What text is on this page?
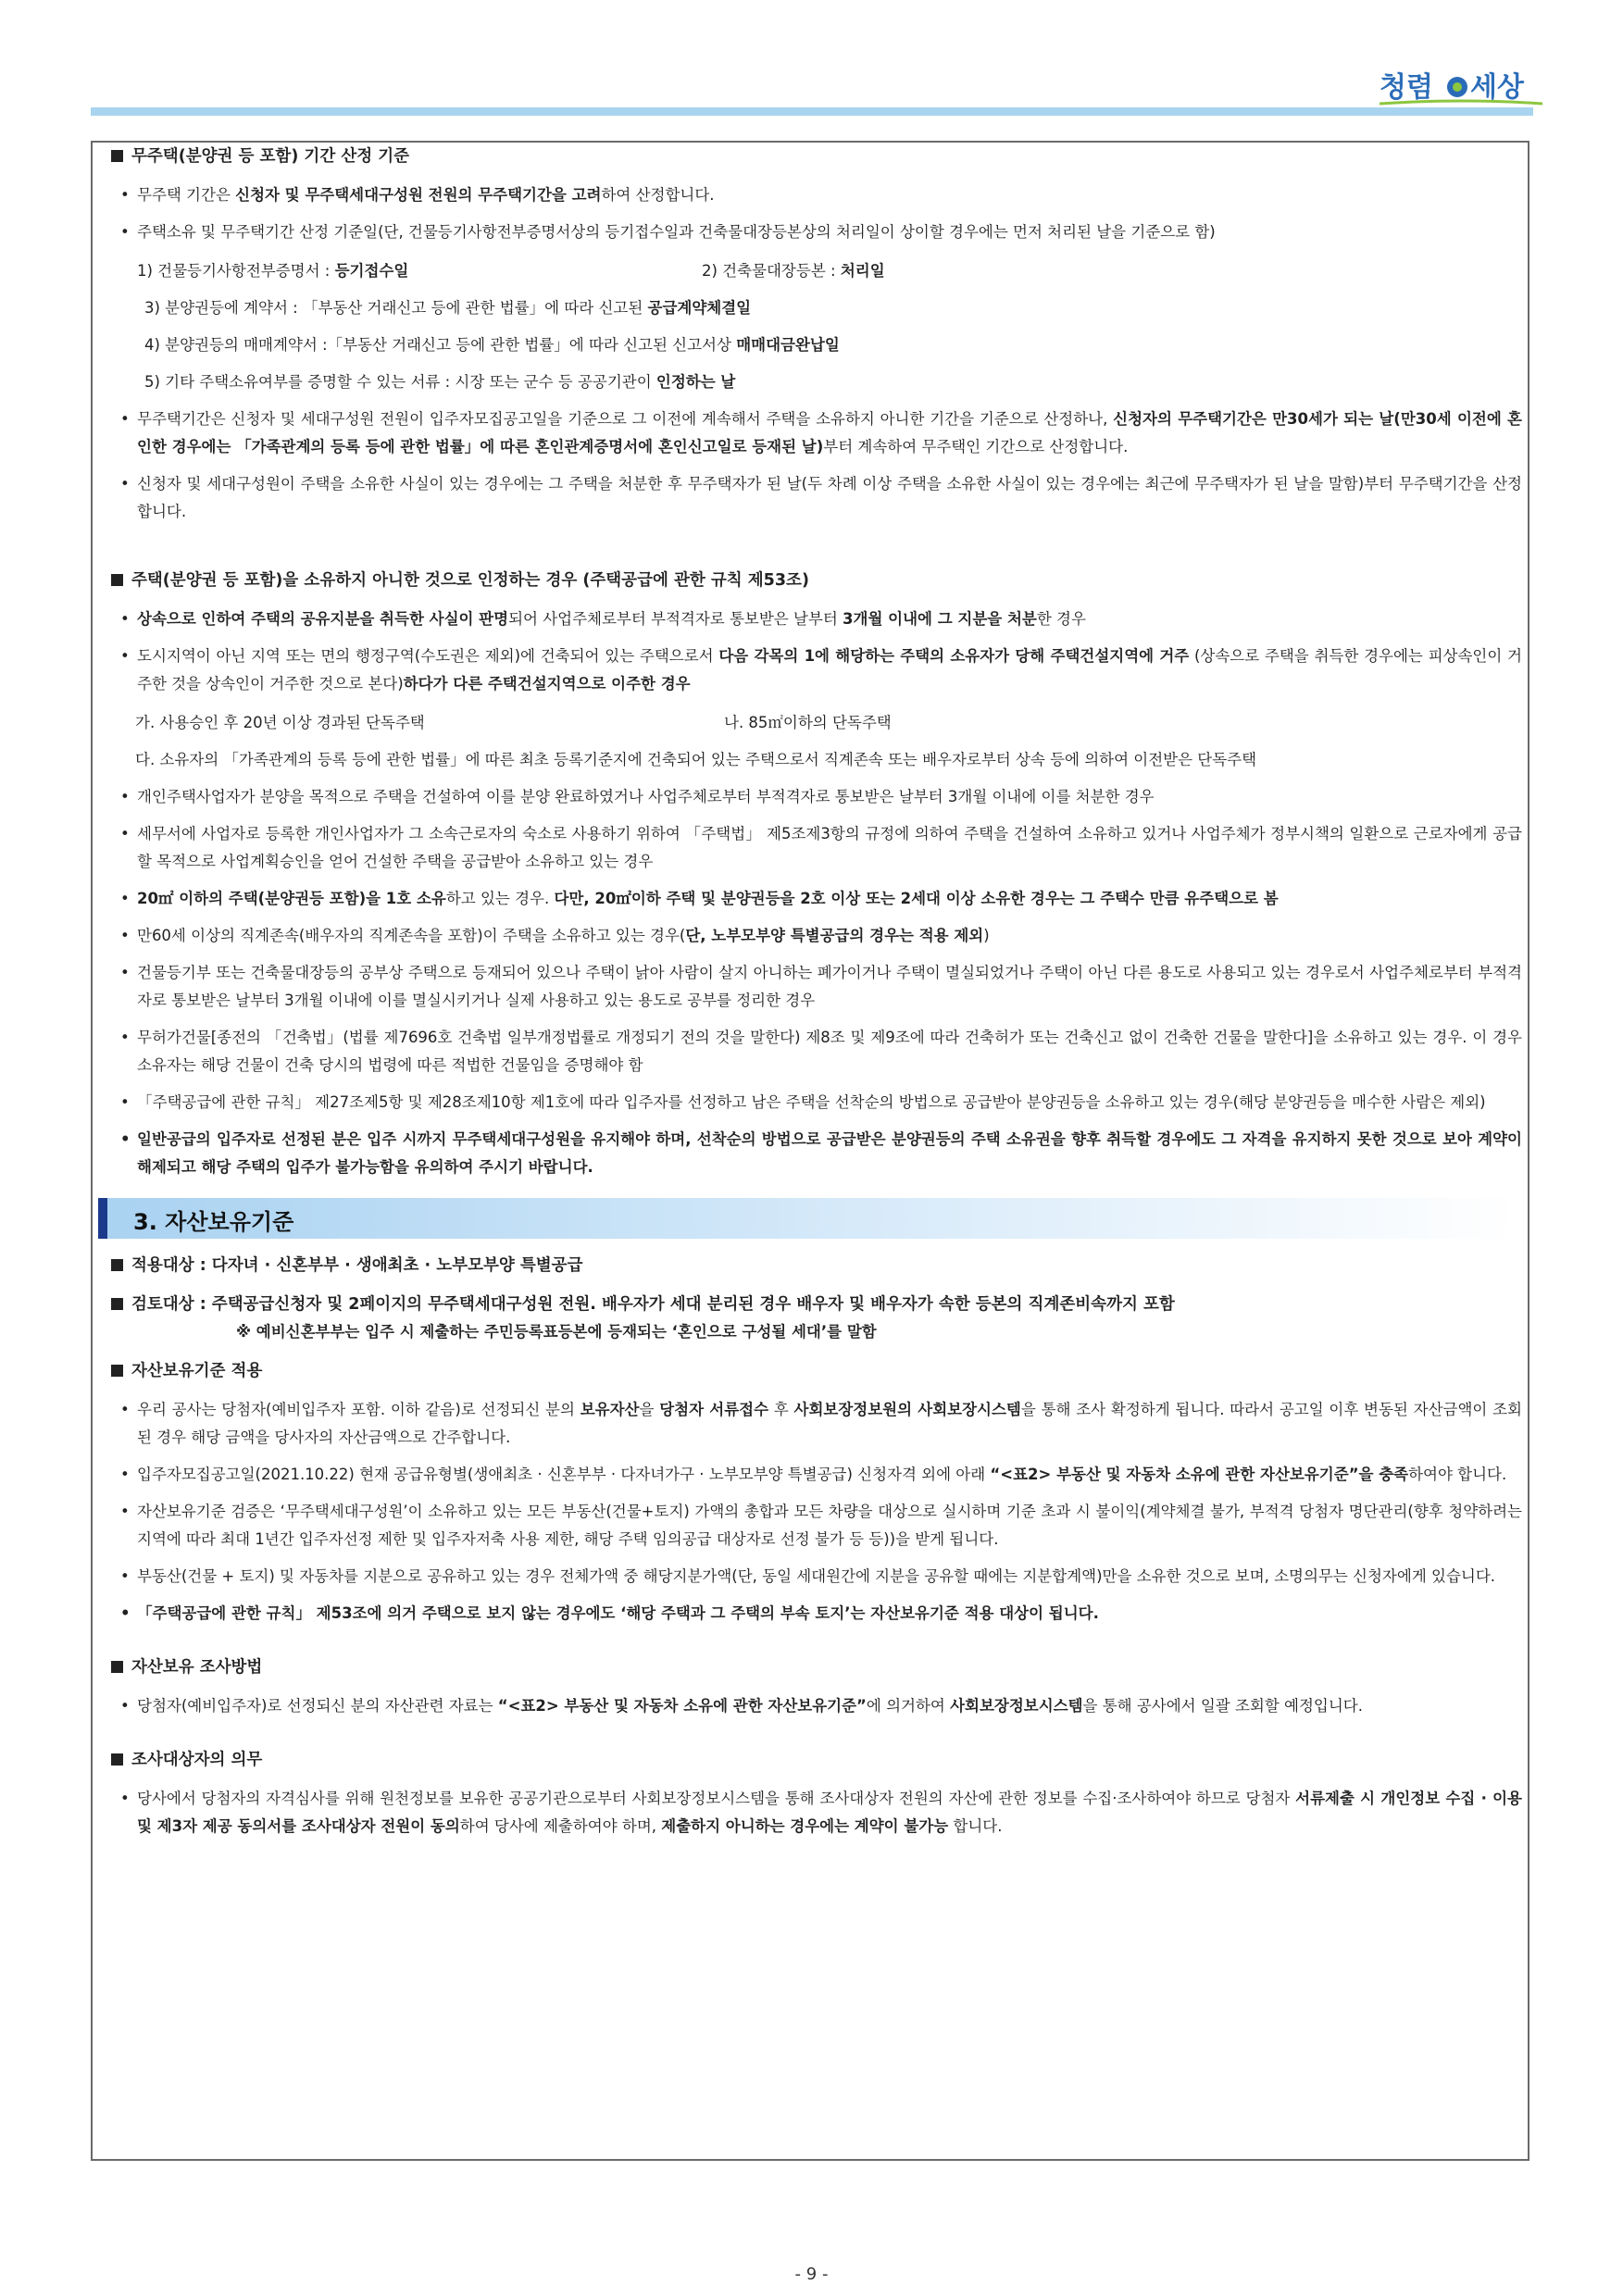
청렴 세상

무주택(분양권 등 포함) 기간 산정 기준

• 무주택 기간은 신청자 및 무주택세대구성원 전원의 무주택기간을 고려하여 산정합니다.

• 주택소유 및 무주택기간 산정 기준일(단, 건물등기사항전부증명서상의 등기접수일과 건축물대장등본상의 처리일이 상이할 경우에는 먼저 처리된 날을 기준으로 함)

1) 건물등기사항전부증명서 : 등기접수일	2) 건축물대장등본 : 처리일

3) 분양권등에 계약서 : 「부동산 거래신고 등에 관한 법률」에 따라 신고된 공급계약체결일

4) 분양권등의 매매계약서 :「부동산 거래신고 등에 관한 법률」에 따라 신고된 신고서상 매매대금완납일

5) 기타 주택소유여부를 증명할 수 있는 서류 : 시장 또는 군수 등 공공기관이 인정하는 날

• 무주택기간은 신청자 및 세대구성원 전원이 입주자모집공고일을 기준으로 그 이전에 계속해서 주택을 소유하지 아니한 기간을 기준으로 산정하나, 신청자의 무주택기간은 만30세가 되는 날(만30세 이전에 혼인한 경우에는 「가족관계의 등록 등에 관한 법률」에 따른 혼인관계증명서에 혼인신고일로 등재된 날)부터 계속하여 무주택인 기간으로 산정합니다.

• 신청자 및 세대구성원이 주택을 소유한 사실이 있는 경우에는 그 주택을 처분한 후 무주택자가 된 날(두 차례 이상 주택을 소유한 사실이 있는 경우에는 최근에 무주택자가 된 날을 말함)부터 무주택기간을 산정합니다.

주택(분양권 등 포함)을 소유하지 아니한 것으로 인정하는 경우 (주택공급에 관한 규칙 제53조)

• 상속으로 인하여 주택의 공유지분을 취득한 사실이 판명되어 사업주체로부터 부적격자로 통보받은 날부터 3개월 이내에 그 지분을 처분한 경우

• 도시지역이 아닌 지역 또는 면의 행정구역(수도권은 제외)에 건축되어 있는 주택으로서 다음 각목의 1에 해당하는 주택의 소유자가 당해 주택건설지역에 거주 (상속으로 주택을 취득한 경우에는 피상속인이 거주한 것을 상속인이 거주한 것으로 본다)하다가 다른 주택건설지역으로 이주한 경우

가. 사용승인 후 20년 이상 경과된 단독주택	나. 85㎡이하의 단독주택

다. 소유자의 「가족관계의 등록 등에 관한 법률」에 따른 최초 등록기준지에 건축되어 있는 주택으로서 직계존속 또는 배우자로부터 상속 등에 의하여 이전받은 단독주택

• 개인주택사업자가 분양을 목적으로 주택을 건설하여 이를 분양 완료하였거나 사업주체로부터 부적격자로 통보받은 날부터 3개월 이내에 이를 처분한 경우

• 세무서에 사업자로 등록한 개인사업자가 그 소속근로자의 숙소로 사용하기 위하여 「주택법」 제5조제3항의 규정에 의하여 주택을 건설하여 소유하고 있거나 사업주체가 정부시책의 일환으로 근로자에게 공급할 목적으로 사업계획승인을 얻어 건설한 주택을 공급받아 소유하고 있는 경우

• 20㎡ 이하의 주택(분양권등 포함)을 1호 소유하고 있는 경우. 다만, 20㎡이하 주택 및 분양권등을 2호 이상 또는 2세대 이상 소유한 경우는 그 주택수 만큼 유주택으로 봄

• 만60세 이상의 직계존속(배우자의 직계존속을 포함)이 주택을 소유하고 있는 경우(단, 노부모부양 특별공급의 경우는 적용 제외)

• 건물등기부 또는 건축물대장등의 공부상 주택으로 등재되어 있으나 주택이 낡아 사람이 살지 아니하는 폐가이거나 주택이 멸실되었거나 주택이 아닌 다른 용도로 사용되고 있는 경우로서 사업주체로부터 부적격자로 통보받은 날부터 3개월 이내에 이를 멸실시키거나 실제 사용하고 있는 용도로 공부를 정리한 경우

• 무허가건물[종전의 「건축법」(법률 제7696호 건축법 일부개정법률로 개정되기 전의 것을 말한다) 제8조 및 제9조에 따라 건축허가 또는 건축신고 없이 건축한 건물을 말한다]을 소유하고 있는 경우. 이 경우 소유자는 해당 건물이 건축 당시의 법령에 따른 적법한 건물임을 증명해야 함

• 「주택공급에 관한 규칙」 제27조제5항 및 제28조제10항 제1호에 따라 입주자를 선정하고 남은 주택을 선착순의 방법으로 공급받아 분양권등을 소유하고 있는 경우(해당 분양권등을 매수한 사람은 제외)

• 일반공급의 입주자로 선정된 분은 입주 시까지 무주택세대구성원을 유지해야 하며, 선착순의 방법으로 공급받은 분양권등의 주택 소유권을 향후 취득할 경우에도 그 자격을 유지하지 못한 것으로 보아 계약이 해제되고 해당 주택의 입주가 불가능함을 유의하여 주시기 바랍니다.

3. 자산보유기준

적용대상 : 다자녀 · 신혼부부 · 생애최초 · 노부모부양 특별공급

검토대상 : 주택공급신청자 및 2페이지의 무주택세대구성원 전원. 배우자가 세대 분리된 경우 배우자 및 배우자가 속한 등본의 직계존비속까지 포함

※ 예비신혼부부는 입주 시 제출하는 주민등록표등본에 등재되는 ‘혼인으로 구성될 세대’를 말함

자산보유기준 적용

• 우리 공사는 당첨자(예비입주자 포함. 이하 같음)로 선정되신 분의 보유자산을 당첨자 서류접수 후 사회보장정보원의 사회보장시스템을 통해 조사 확정하게 됩니다. 따라서 공고일 이후 변동된 자산금액이 조회된 경우 해당 금액을 당사자의 자산금액으로 간주합니다.

• 입주자모집공고일(2021.10.22) 현재 공급유형별(생애최초 · 신혼부부 · 다자녀가구 · 노부모부양 특별공급) 신청자격 외에 아래 “<표2> 부동산 및 자동차 소유에 관한 자산보유기준”을 충족하여야 합니다.

• 자산보유기준 검증은 ‘무주택세대구성원’이 소유하고 있는 모든 부동산(건물+토지) 가액의 총합과 모든 차량을 대상으로 실시하며 기준 초과 시 불이익(계약체결 불가, 부적격 당첨자 명단관리(향후 청약하려는 지역에 따라 최대 1년간 입주자선정 제한 및 입주자저축 사용 제한, 해당 주택 임의공급 대상자로 선정 불가 등 등))을 받게 됩니다.

• 부동산(건물 + 토지) 및 자동차를 지분으로 공유하고 있는 경우 전체가액 중 해당지분가액(단, 동일 세대원간에 지분을 공유할 때에는 지분합계액)만을 소유한 것으로 보며, 소명의무는 신청자에게 있습니다.

• 「주택공급에 관한 규칙」 제53조에 의거 주택으로 보지 않는 경우에도 ‘해당 주택과 그 주택의 부속 토지’는 자산보유기준 적용 대상이 됩니다.

자산보유 조사방법

• 당첨자(예비입주자)로 선정되신 분의 자산관련 자료는 “<표2> 부동산 및 자동차 소유에 관한 자산보유기준”에 의거하여 사회보장정보시스템을 통해 공사에서 일괄 조회할 예정입니다.

조사대상자의 의무

• 당사에서 당첨자의 자격심사를 위해 원천정보를 보유한 공공기관으로부터 사회보장정보시스템을 통해 조사대상자 전원의 자산에 관한 정보를 수집·조사하여야 하므로 당첨자 서류제출 시 개인정보 수집 · 이용 및 제3자 제공 동의서를 조사대상자 전원이 동의하여 당사에 제출하여야 하며, 제출하지 아니하는 경우에는 계약이 불가능 합니다.

- 9 -
